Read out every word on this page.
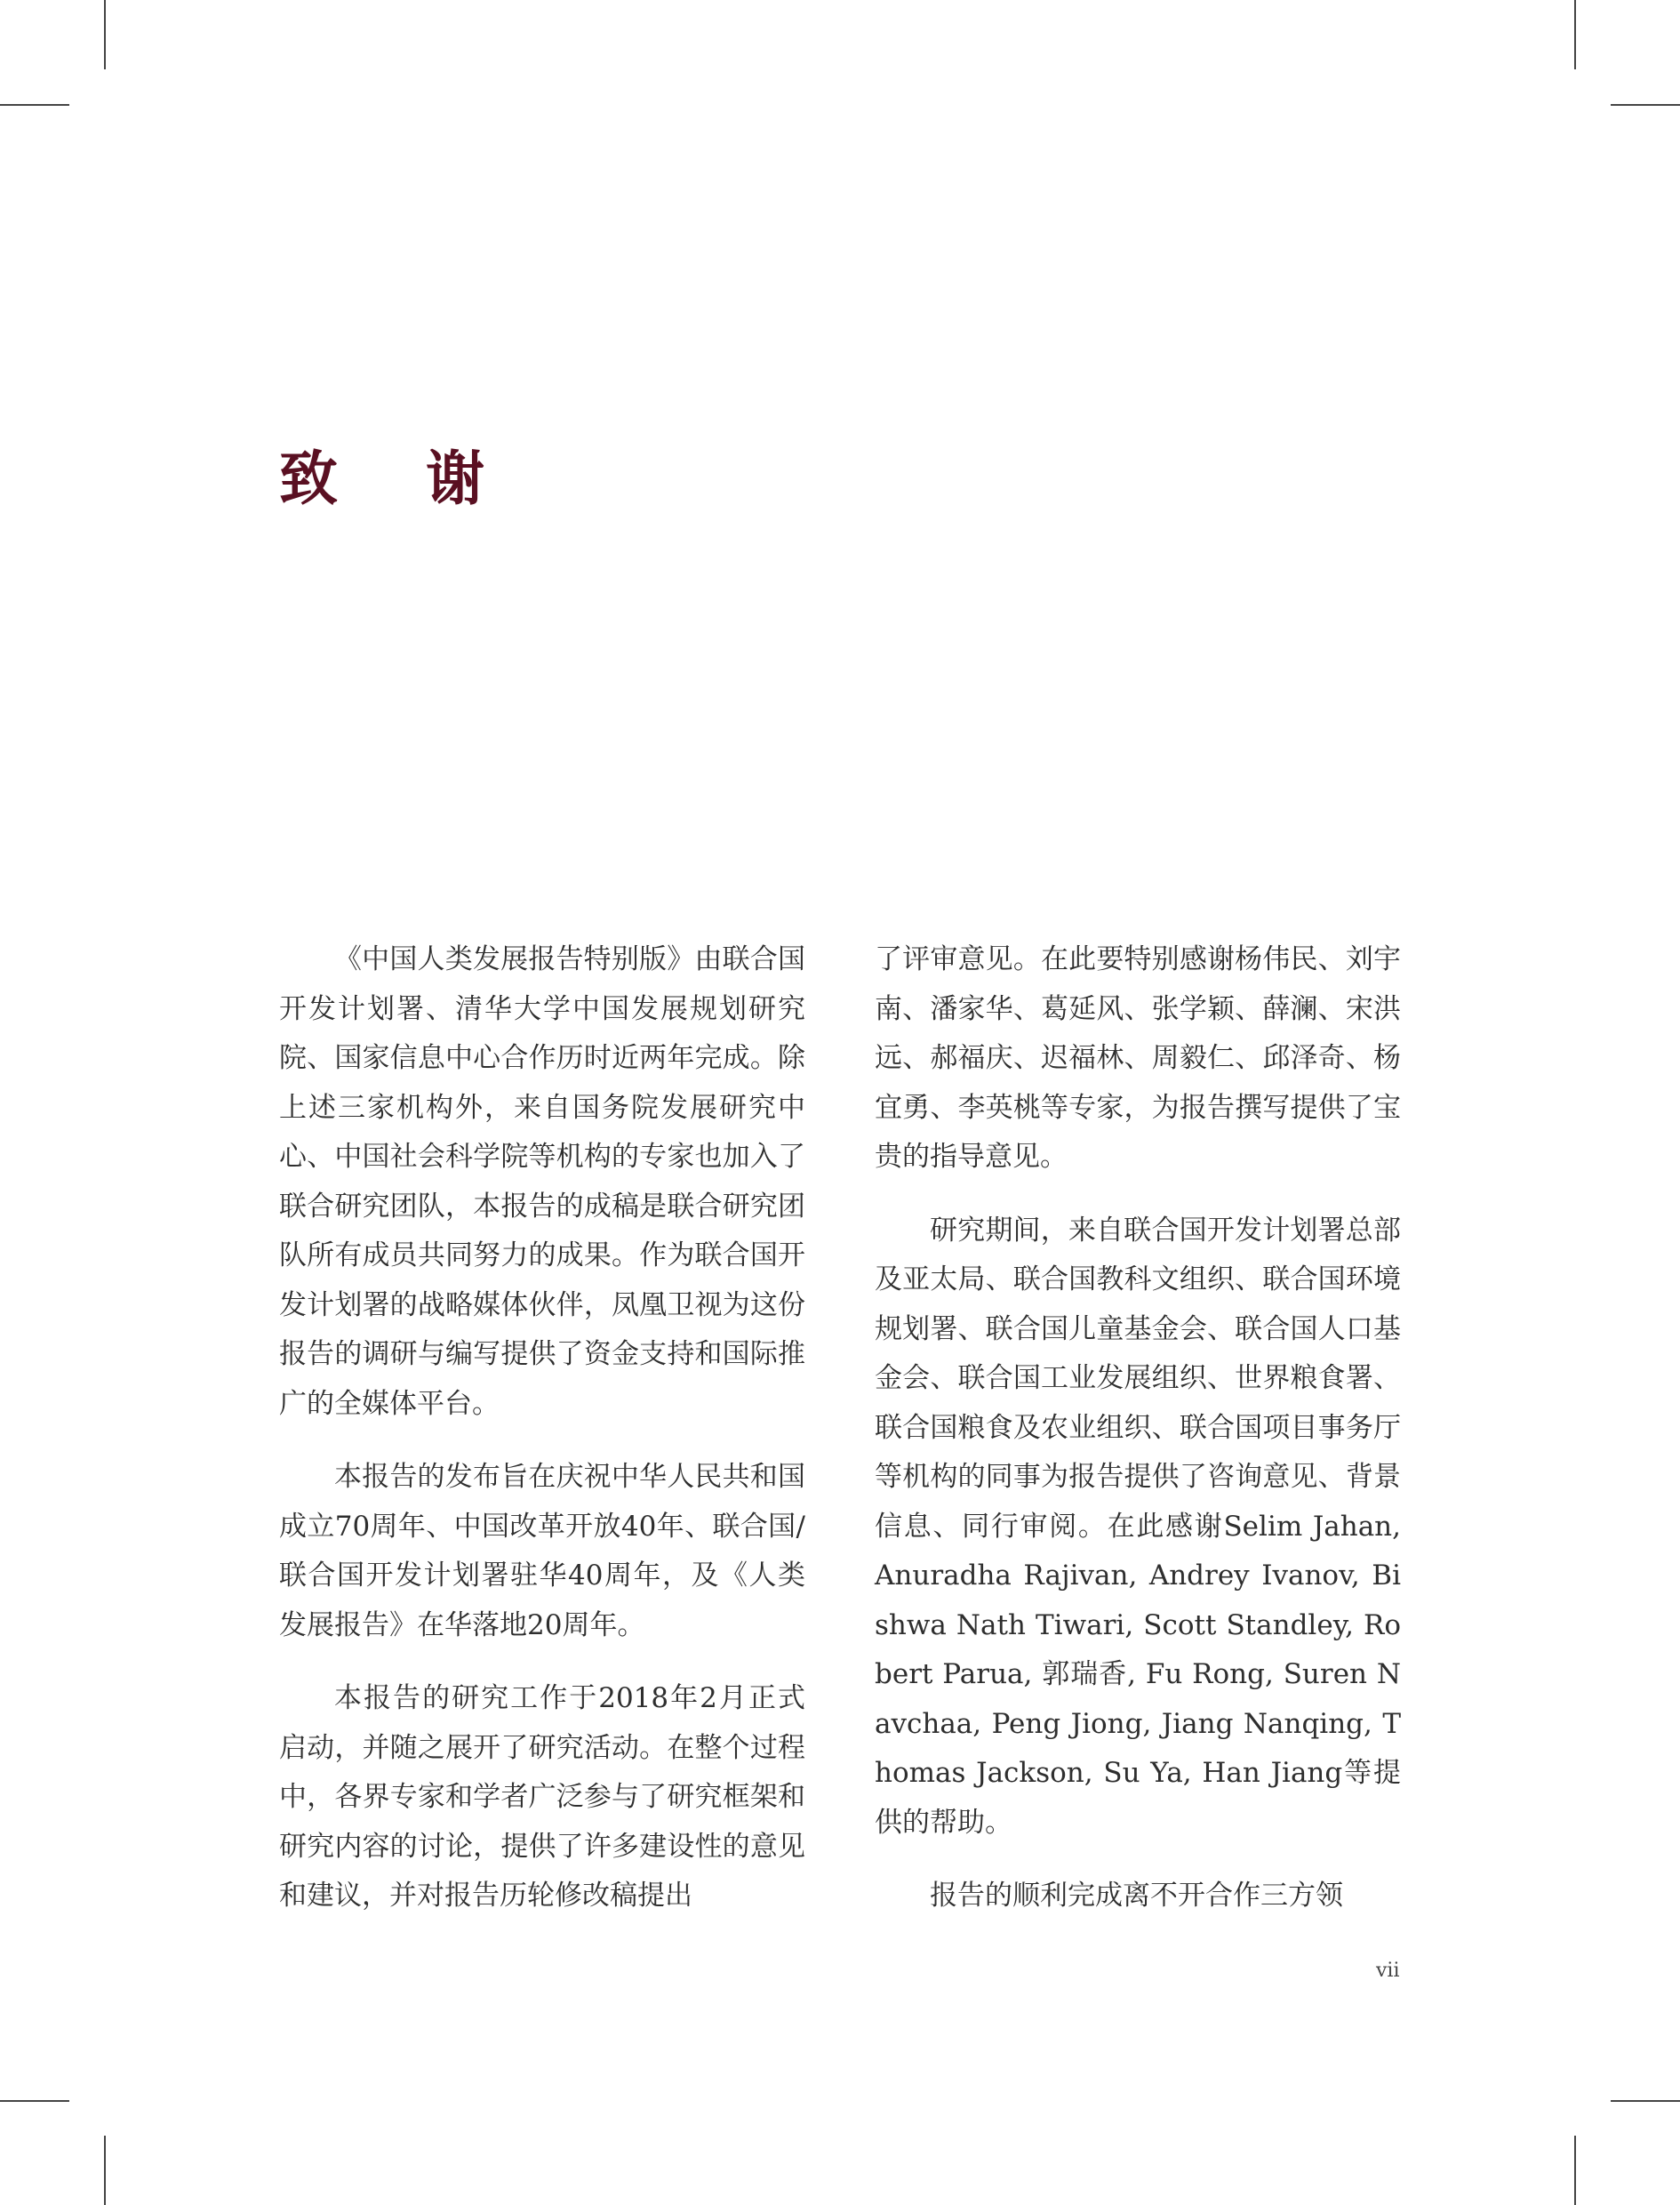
致 谢

《中国人类发展报告特别版》由联合国开发计划署、清华大学中国发展规划研究院、国家信息中心合作历时近两年完成。除上述三家机构外，来自国务院发展研究中心、中国社会科学院等机构的专家也加入了联合研究团队，本报告的成稿是联合研究团队所有成员共同努力的成果。作为联合国开发计划署的战略媒体伙伴，凤凰卫视为这份报告的调研与编写提供了资金支持和国际推广的全媒体平台。

本报告的发布旨在庆祝中华人民共和国成立70周年、中国改革开放40年、联合国/联合国开发计划署驻华40周年，及《人类发展报告》在华落地20周年。

本报告的研究工作于2018年2月正式启动，并随之展开了研究活动。在整个过程中，各界专家和学者广泛参与了研究框架和研究内容的讨论，提供了许多建设性的意见和建议，并对报告历轮修改稿提出

了评审意见。在此要特别感谢杨伟民、刘宇南、潘家华、葛延风、张学颖、薛澜、宋洪远、郝福庆、迟福林、周毅仁、邱泽奇、杨宜勇、李英桃等专家，为报告撰写提供了宝贵的指导意见。

研究期间，来自联合国开发计划署总部及亚太局、联合国教科文组织、联合国环境规划署、联合国儿童基金会、联合国人口基金会、联合国工业发展组织、世界粮食署、联合国粮食及农业组织、联合国项目事务厅等机构的同事为报告提供了咨询意见、背景信息、同行审阅。在此感谢Selim Jahan, Anuradha Rajivan, Andrey Ivanov, Bishwa Nath Tiwari, Scott Standley, Robert Parua, 郭瑞香, Fu Rong, Suren Navchaa, Peng Jiong, Jiang Nanqing, Thomas Jackson, Su Ya, Han Jiang等提供的帮助。

报告的顺利完成离不开合作三方领

vii
